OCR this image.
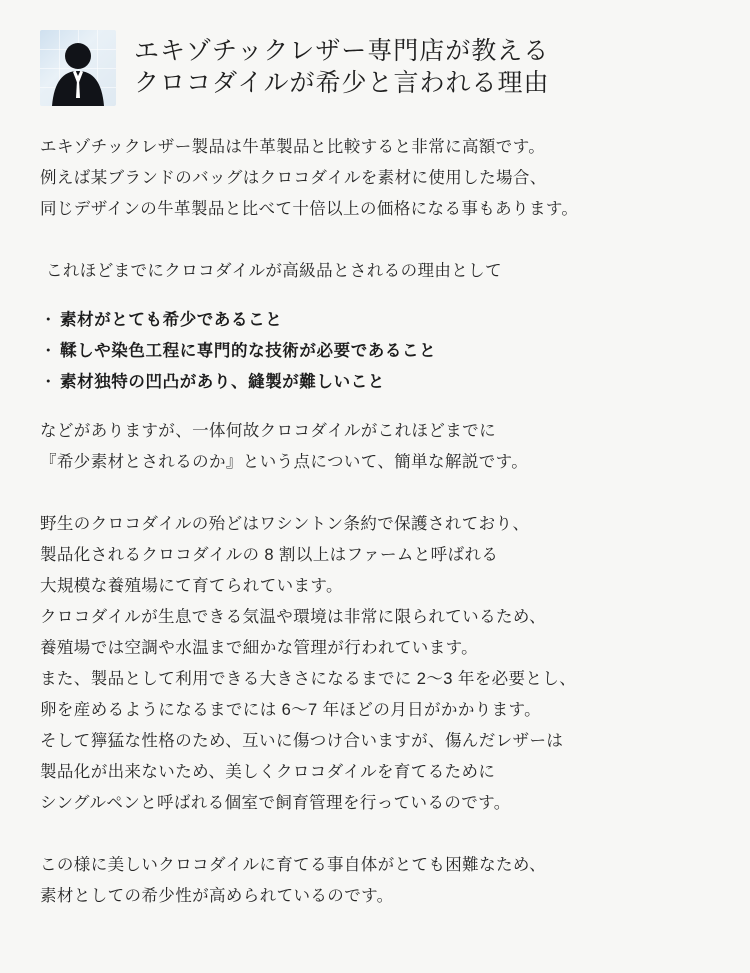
エキゾチックレザー専門店が教える
クロコダイルが希少と言われる理由
エキゾチックレザー製品は牛革製品と比較すると非常に高額です。
例えば某ブランドのバッグはクロコダイルを素材に使用した場合、
同じデザインの牛革製品と比べて十倍以上の価格になる事もあります。
これほどまでにクロコダイルが高級品とされるの理由として
・ 素材がとても希少であること
・ 鞣しや染色工程に専門的な技術が必要であること
・ 素材独特の凹凸があり、縫製が難しいこと
などがありますが、一体何故クロコダイルがこれほどまでに
『希少素材とされるのか』という点について、簡単な解説です。
野生のクロコダイルの殆どはワシントン条約で保護されており、
製品化されるクロコダイルの 8 割以上はファームと呼ばれる
大規模な養殖場にて育てられています。
クロコダイルが生息できる気温や環境は非常に限られているため、
養殖場では空調や水温まで細かな管理が行われています。
また、製品として利用できる大きさになるまでに 2〜3 年を必要とし、
卵を産めるようになるまでには 6〜7 年ほどの月日がかかります。
そして獰猛な性格のため、互いに傷つけ合いますが、傷んだレザーは
製品化が出来ないため、美しくクロコダイルを育てるために
シングルペンと呼ばれる個室で飼育管理を行っているのです。
この様に美しいクロコダイルに育てる事自体がとても困難なため、
素材としての希少性が高められているのです。
